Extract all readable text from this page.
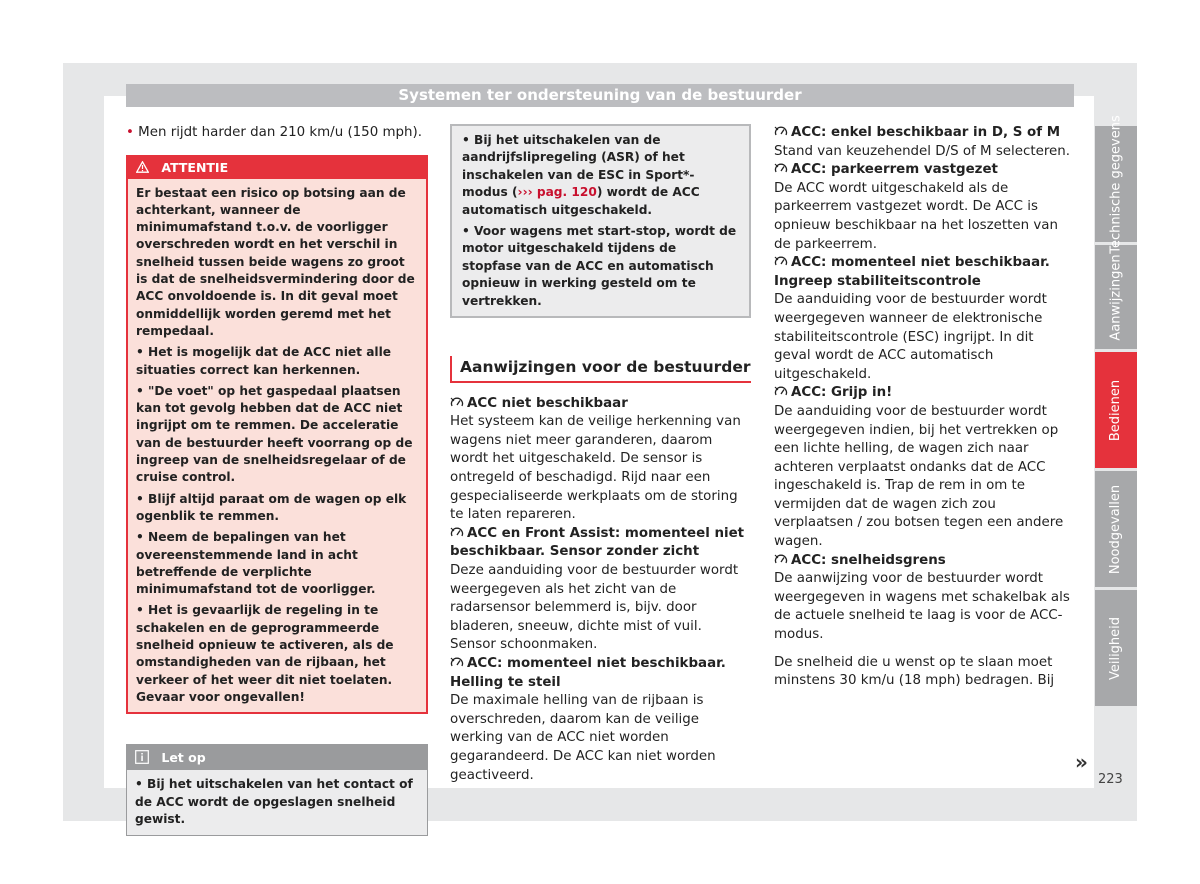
Systemen ter ondersteuning van de bestuurder

• Men rijdt harder dan 210 km/u (150 mph).

ATTENTIE

Er bestaat een risico op botsing aan de achterkant, wanneer de minimumafstand t.o.v. de voorligger overschreden wordt en het verschil in snelheid tussen beide wagens zo groot is dat de snelheidsvermindering door de ACC onvoldoende is. In dit geval moet onmiddellijk worden geremd met het rempedaal.

• Het is mogelijk dat de ACC niet alle situaties correct kan herkennen.

• "De voet" op het gaspedaal plaatsen kan tot gevolg hebben dat de ACC niet ingrijpt om te remmen. De acceleratie van de bestuurder heeft voorrang op de ingreep van de snelheidsregelaar of de cruise control.

• Blijf altijd paraat om de wagen op elk ogenblik te remmen.

• Neem de bepalingen van het overeenstemmende land in acht betreffende de verplichte minimumafstand tot de voorligger.

• Het is gevaarlijk de regeling in te schakelen en de geprogrammeerde snelheid opnieuw te activeren, als de omstandigheden van de rijbaan, het verkeer of het weer dit niet toelaten. Gevaar voor ongevallen!

Let op
• Bij het uitschakelen van het contact of de ACC wordt de opgeslagen snelheid gewist.

• Bij het uitschakelen van de aandrijfslipregeling (ASR) of het inschakelen van de ESC in Sport*-modus (››› pag. 120) wordt de ACC automatisch uitgeschakeld.

• Voor wagens met start-stop, wordt de motor uitgeschakeld tijdens de stopfase van de ACC en automatisch opnieuw in werking gesteld om te vertrekken.

Aanwijzingen voor de bestuurder

ACC niet beschikbaar

Het systeem kan de veilige herkenning van wagens niet meer garanderen, daarom wordt het uitgeschakeld. De sensor is ontregeld of beschadigd. Rijd naar een gespecialiseerde werkplaats om de storing te laten repareren.

ACC en Front Assist: momenteel niet beschikbaar. Sensor zonder zicht

Deze aanduiding voor de bestuurder wordt weergegeven als het zicht van de radarsensor belemmerd is, bijv. door bladeren, sneeuw, dichte mist of vuil. Sensor schoonmaken.

ACC: momenteel niet beschikbaar. Helling te steil

De maximale helling van de rijbaan is overschreden, daarom kan de veilige werking van de ACC niet worden gegarandeerd. De ACC kan niet worden geactiveerd.

ACC: enkel beschikbaar in D, S of M

Stand van keuzehendel D/S of M selecteren.

ACC: parkeerrem vastgezet

De ACC wordt uitgeschakeld als de parkeerrem vastgezet wordt. De ACC is opnieuw beschikbaar na het loszetten van de parkeerrem.

ACC: momenteel niet beschikbaar. Ingreep stabiliteitscontrole

De aanduiding voor de bestuurder wordt weergegeven wanneer de elektronische stabiliteitscontrole (ESC) ingrijpt. In dit geval wordt de ACC automatisch uitgeschakeld.

ACC: Grijp in!

De aanduiding voor de bestuurder wordt weergegeven indien, bij het vertrekken op een lichte helling, de wagen zich naar achteren verplaatst ondanks dat de ACC ingeschakeld is. Trap de rem in om te vermijden dat de wagen zich zou verplaatsen / zou botsen tegen een andere wagen.

ACC: snelheidsgrens

De aanwijzing voor de bestuurder wordt weergegeven in wagens met schakelbak als de actuele snelheid te laag is voor de ACC-modus.

De snelheid die u wenst op te slaan moet minstens 30 km/u (18 mph) bedragen. Bij

»
Technische gegevens
Aanwijzingen
Bedienen
Noodgevallen
Veiligheid
223
